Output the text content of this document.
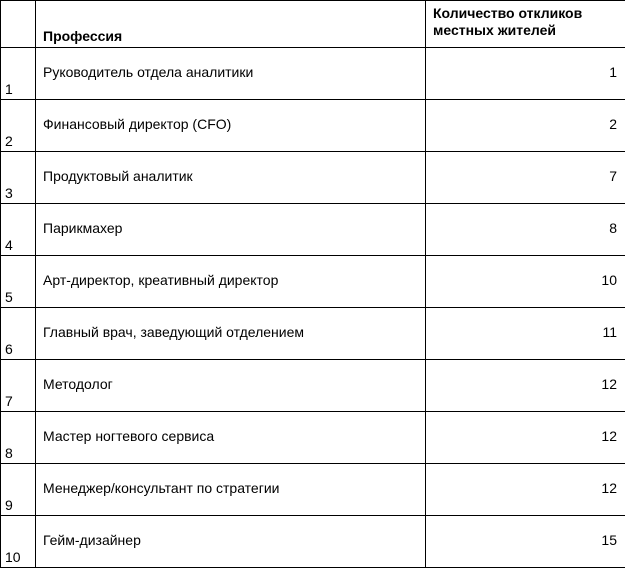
	Профессия	Количество откликов местных жителей
1	Руководитель отдела аналитики	1
2	Финансовый директор (CFO)	2
3	Продуктовый аналитик	7
4	Парикмахер	8
5	Арт-директор, креативный директор	10
6	Главный врач, заведующий отделением	11
7	Методолог	12
8	Мастер ногтевого сервиса	12
9	Менеджер/консультант по стратегии	12
10	Гейм-дизайнер	15
